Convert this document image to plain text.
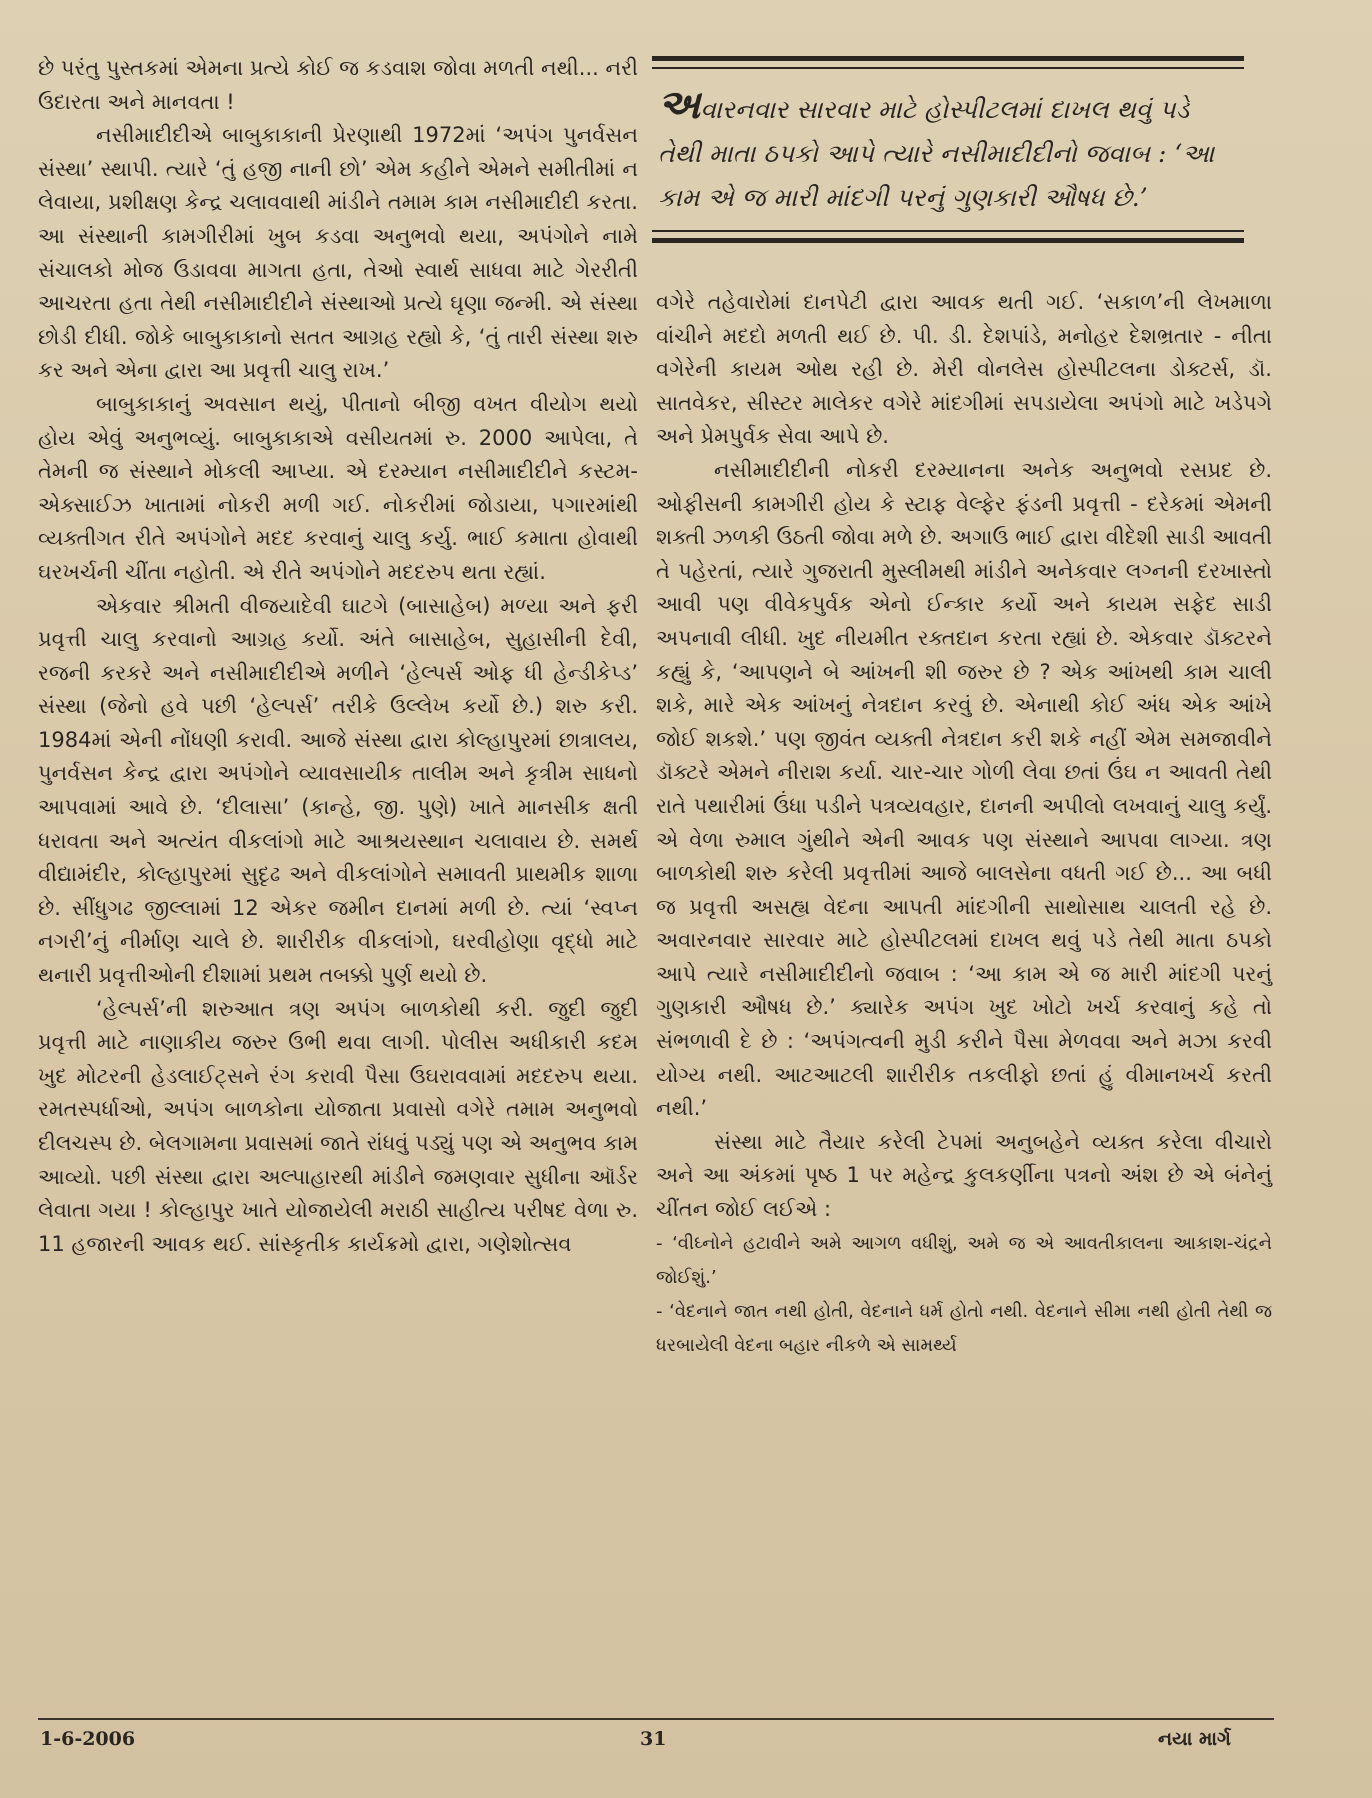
છે પરંતુ પુસ્તકમાં એમના પ્રત્યે કોઈ જ કડવાશ જોવા મળતી નથી... નરી ઉદારતા અને માનવતા !

નસીમાદીદીએ બાબુકાકાની પ્રેરણાથી 1972માં ‘અપંગ પુનર્વસન સંસ્થા’ સ્થાપી. ત્યારે ‘તું હજી નાની છો’ એમ કહીને એમને સમીતીમાં ન લેવાયા, પ્રશીક્ષણ કેન્દ્ર ચલાવવાથી માંડીને તમામ કામ નસીમાદીદી કરતા. આ સંસ્થાની કામગીરીમાં ખુબ કડવા અનુભવો થયા, અપંગોને નામે સંચાલકો મોજ ઉડાવવા માગતા હતા, તેઓ સ્વાર્થ સાધવા માટે ગેરરીતી આચરતા હતા તેથી નસીમાદીદીને સંસ્થાઓ પ્રત્યે ઘૃણા જન્મી. એ સંસ્થા છોડી દીધી. જોકે બાબુકાકાનો સતત આગ્રહ રહ્યો કે, ‘તું તારી સંસ્થા શરુ કર અને એના દ્વારા આ પ્રવૃત્તી ચાલુ રાખ.’

બાબુકાકાનું અવસાન થયું, પીતાનો બીજી વખત વીયોગ થયો હોય એવું અનુભવ્યું. બાબુકાકાએ વસીયતમાં રુ. 2000 આપેલા, તે તેમની જ સંસ્થાને મોકલી આપ્યા. એ દરમ્યાન નસીમાદીદીને કસ્ટમ-એક્સાઈઝ ખાતામાં નોકરી મળી ગઈ. નોકરીમાં જોડાયા, પગારમાંથી વ્યક્તીગત રીતે અપંગોને મદદ કરવાનું ચાલુ કર્યુ. ભાઈ કમાતા હોવાથી ઘરખર્ચની ચીંતા નહોતી. એ રીતે અપંગોને મદદરુપ થતા રહ્યાં.

એકવાર શ્રીમતી વીજયાદેવી ઘાટગે (બાસાહેબ) મળ્યા અને ફરી પ્રવૃત્તી ચાલુ કરવાનો આગ્રહ કર્યો. અંતે બાસાહેબ, સુહાસીની દેવી, રજની કરકરે અને નસીમાદીદીએ મળીને ‘હેલ્પર્સ ઓફ ધી હેન્ડીકેપ્ડ’ સંસ્થા (જેનો હવે પછી ‘હેલ્પર્સ’ તરીકે ઉલ્લેખ કર્યો છે.) શરુ કરી. 1984માં એની નોંધણી કરાવી. આજે સંસ્થા દ્વારા કોલ્હાપુરમાં છાત્રાલય, પુનર્વસન કેન્દ્ર દ્વારા અપંગોને વ્યાવસાયીક તાલીમ અને કૃત્રીમ સાધનો આપવામાં આવે છે. ‘દીલાસા’ (કાન્હે, જી. પુણે) ખાતે માનસીક ક્ષતી ધરાવતા અને અત્યંત વીકલાંગો માટે આશ્રયસ્થાન ચલાવાય છે. સમર્થ વીદ્યામંદીર, કોલ્હાપુરમાં સુદૃઢ અને વીકલાંગોને સમાવતી પ્રાથમીક શાળા છે. સીંધુગઢ જીલ્લામાં 12 એકર જમીન દાનમાં મળી છે. ત્યાં ‘સ્વપ્ન નગરી’નું નીર્માણ ચાલે છે. શારીરીક વીકલાંગો, ઘરવીહોણા વૃદ્ધો માટે થનારી પ્રવૃત્તીઓની દીશામાં પ્રથમ તબક્કો પુર્ણ થયો છે.

‘હેલ્પર્સ’ની શરુઆત ત્રણ અપંગ બાળકોથી કરી. જુદી જુદી પ્રવૃત્તી માટે નાણાકીય જરુર ઉભી થવા લાગી. પોલીસ અધીકારી કદમ ખુદ મોટરની હેડલાઈટ્સને રંગ કરાવી પૈસા ઉઘરાવવામાં મદદરુપ થયા. રમતસ્પર્ધાઓ, અપંગ બાળકોના યોજાતા પ્રવાસો વગેરે તમામ અનુભવો દીલચસ્પ છે. બેલગામના પ્રવાસમાં જાતે રાંધવું પડ્યું પણ એ અનુભવ કામ આવ્યો. પછી સંસ્થા દ્વારા અલ્પાહારથી માંડીને જમણવાર સુધીના ઑર્ડર લેવાતા ગયા ! કોલ્હાપુર ખાતે યોજાયેલી મરાઠી સાહીત્ય પરીષદ વેળા રુ. 11 હજારની આવક થઈ. સાંસ્કૃતીક કાર્યક્રમો દ્વારા, ગણેશોત્સવ

અવારનવાર સારવાર માટે હોસ્પીટલમાં દાખલ થવું પડે તેથી માતા ઠપકો આપે ત્યારે નસીમાદીદીનો જવાબ : ‘આ કામ એ જ મારી માંદગી પરનું ગુણકારી ઔષધ છે.’

વગેરે તહેવારોમાં દાનપેટી દ્વારા આવક થતી ગઈ. ‘સકાળ’ની લેખમાળા વાંચીને મદદો મળતી થઈ છે. પી. ડી. દેશપાંડે, મનોહર દેશભ્રતાર - નીતા વગેરેની કાયમ ઓથ રહી છે. મેરી વોનલેસ હોસ્પીટલના ડોક્ટર્સ, ડૉ. સાતવેકર, સીસ્ટર માલેકર વગેરે માંદગીમાં સપડાયેલા અપંગો માટે ખડેપગે અને પ્રેમપુર્વક સેવા આપે છે.

નસીમાદીદીની નોકરી દરમ્યાનના અનેક અનુભવો રસપ્રદ છે. ઓફીસની કામગીરી હોય કે સ્ટાફ વેલ્ફેર ફંડની પ્રવૃત્તી - દરેકમાં એમની શક્તી ઝળકી ઉઠતી જોવા મળે છે. અગાઉ ભાઈ દ્વારા વીદેશી સાડી આવતી તે પહેરતાં, ત્યારે ગુજરાતી મુસ્લીમથી માંડીને અનેકવાર લગ્નની દરખાસ્તો આવી પણ વીવેકપુર્વક એનો ઈન્કાર કર્યો અને કાયમ સફેદ સાડી અપનાવી લીધી. ખુદ નીયમીત રક્તદાન કરતા રહ્યાં છે. એકવાર ડૉક્ટરને કહ્યું કે, ‘આપણને બે આંખની શી જરુર છે ? એક આંખથી કામ ચાલી શકે, મારે એક આંખનું નેત્રદાન કરવું છે. એનાથી કોઈ અંધ એક આંખે જોઈ શકશે.’ પણ જીવંત વ્યક્તી નેત્રદાન કરી શકે નહીં એમ સમજાવીને ડૉક્ટરે એમને નીરાશ કર્યા. ચાર-ચાર ગોળી લેવા છતાં ઉંઘ ન આવતી તેથી રાતે પથારીમાં ઉંધા પડીને પત્રવ્યવહાર, દાનની અપીલો લખવાનું ચાલુ કર્યું. એ વેળા રુમાલ ગુંથીને એની આવક પણ સંસ્થાને આપવા લાગ્યા. ત્રણ બાળકોથી શરુ કરેલી પ્રવૃત્તીમાં આજે બાલસેના વધતી ગઈ છે... આ બધી જ પ્રવૃત્તી અસહ્ય વેદના આપતી માંદગીની સાથોસાથ ચાલતી રહે છે. અવારનવાર સારવાર માટે હોસ્પીટલમાં દાખલ થવું પડે તેથી માતા ઠપકો આપે ત્યારે નસીમાદીદીનો જવાબ : ‘આ કામ એ જ મારી માંદગી પરનું ગુણકારી ઔષધ છે.’ ક્યારેક અપંગ ખુદ ખોટો ખર્ચ કરવાનું કહે તો સંભળાવી દે છે : ‘અપંગત્વની મુડી કરીને પૈસા મેળવવા અને મઝા કરવી યોગ્ય નથી. આટઆટલી શારીરીક તકલીફો છતાં હું વીમાનખર્ચ કરતી નથી.’

સંસ્થા માટે તૈયાર કરેલી ટેપમાં અનુબહેને વ્યક્ત કરેલા વીચારો અને આ અંકમાં પૃષ્ઠ 1 પર મહેન્દ્ર કુલકર્ણીના પત્રનો અંશ છે એ બંનેનું ચીંતન જોઈ લઈએ :

- ‘વીઘ્નોને હટાવીને અમે આગળ વધીશું, અમે જ એ આવતીકાલના આકાશ-ચંદ્રને જોઈશું.’

- ‘વેદનાને જાત નથી હોતી, વેદનાને ધર્મ હોતો નથી. વેદનાને સીમા નથી હોતી તેથી જ ધરબાયેલી વેદના બહાર નીકળે એ સામર્થ્ય

1-6-2006	31	નયા માર્ગ
